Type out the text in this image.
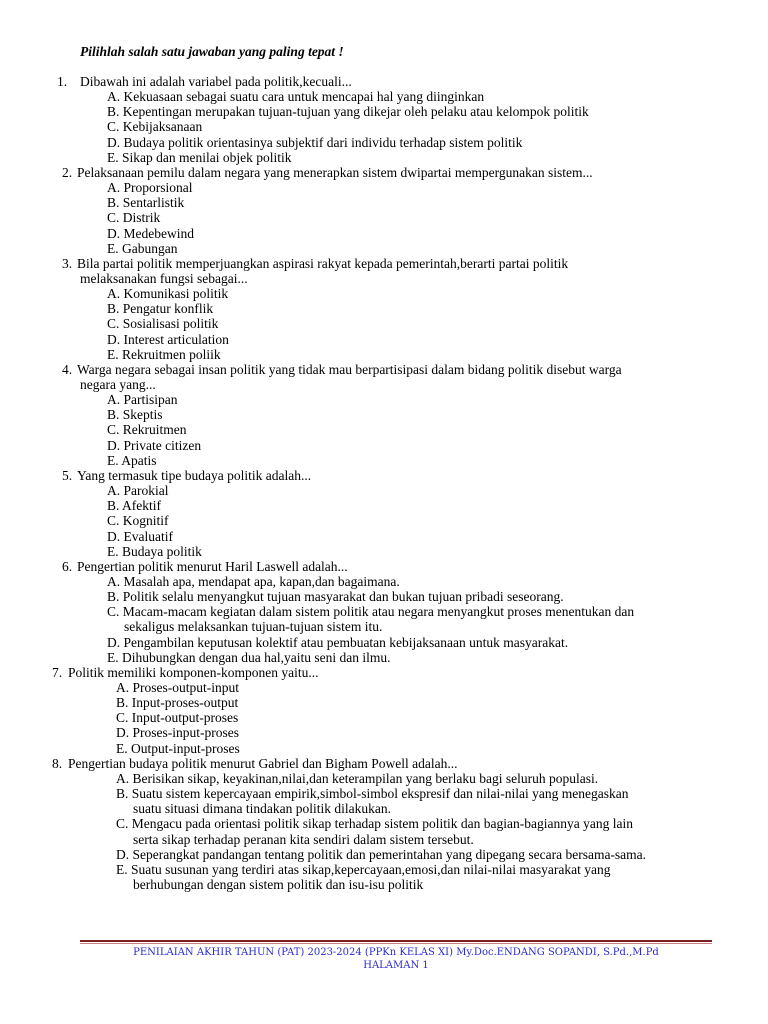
Pilihlah salah satu jawaban yang paling tepat !
1. Dibawah ini adalah variabel pada politik,kecuali...
A. Kekuasaan sebagai suatu cara untuk mencapai hal yang diinginkan
B. Kepentingan merupakan tujuan-tujuan yang dikejar oleh pelaku atau kelompok politik
C. Kebijaksanaan
D. Budaya politik orientasinya subjektif dari individu terhadap sistem politik
E. Sikap dan menilai objek politik
2. Pelaksanaan pemilu dalam negara yang menerapkan sistem dwipartai mempergunakan sistem...
A. Proporsional
B. Sentarlistik
C. Distrik
D. Medebewind
E. Gabungan
3. Bila partai politik memperjuangkan aspirasi rakyat kepada pemerintah,berarti partai politik
melaksanakan fungsi sebagai...
A. Komunikasi politik
B. Pengatur konflik
C. Sosialisasi politik
D. Interest articulation
E. Rekruitmen poliik
4. Warga negara sebagai insan politik yang tidak mau berpartisipasi dalam bidang politik disebut warga
negara yang...
A. Partisipan
B. Skeptis
C. Rekruitmen
D. Private citizen
E. Apatis
5. Yang termasuk tipe budaya politik adalah...
A. Parokial
B. Afektif
C. Kognitif
D. Evaluatif
E. Budaya politik
6. Pengertian politik menurut Haril Laswell adalah...
A. Masalah apa, mendapat apa, kapan,dan bagaimana.
B. Politik selalu menyangkut tujuan masyarakat dan bukan tujuan pribadi seseorang.
C. Macam-macam kegiatan dalam sistem politik atau negara menyangkut proses menentukan dan
sekaligus melaksankan tujuan-tujuan sistem itu.
D. Pengambilan keputusan kolektif atau pembuatan kebijaksanaan untuk masyarakat.
E. Dihubungkan dengan dua hal,yaitu seni dan ilmu.
7. Politik memiliki komponen-komponen yaitu...
A. Proses-output-input
B. Input-proses-output
C. Input-output-proses
D. Proses-input-proses
E. Output-input-proses
8. Pengertian budaya politik menurut Gabriel dan Bigham Powell adalah...
A. Berisikan sikap, keyakinan,nilai,dan keterampilan yang berlaku bagi seluruh populasi.
B. Suatu sistem kepercayaan empirik,simbol-simbol ekspresif dan nilai-nilai yang menegaskan
suatu situasi dimana tindakan politik dilakukan.
C. Mengacu pada orientasi politik sikap terhadap sistem politik dan bagian-bagiannya yang lain
serta sikap terhadap peranan kita sendiri dalam sistem tersebut.
D. Seperangkat pandangan tentang politik dan pemerintahan yang dipegang secara bersama-sama.
E. Suatu susunan yang terdiri atas sikap,kepercayaan,emosi,dan nilai-nilai masyarakat yang
berhubungan dengan sistem politik dan isu-isu politik
PENILAIAN AKHIR TAHUN (PAT) 2023-2024 (PPKn KELAS XI) My.Doc.ENDANG SOPANDI, S.Pd.,M.Pd
HALAMAN 1
